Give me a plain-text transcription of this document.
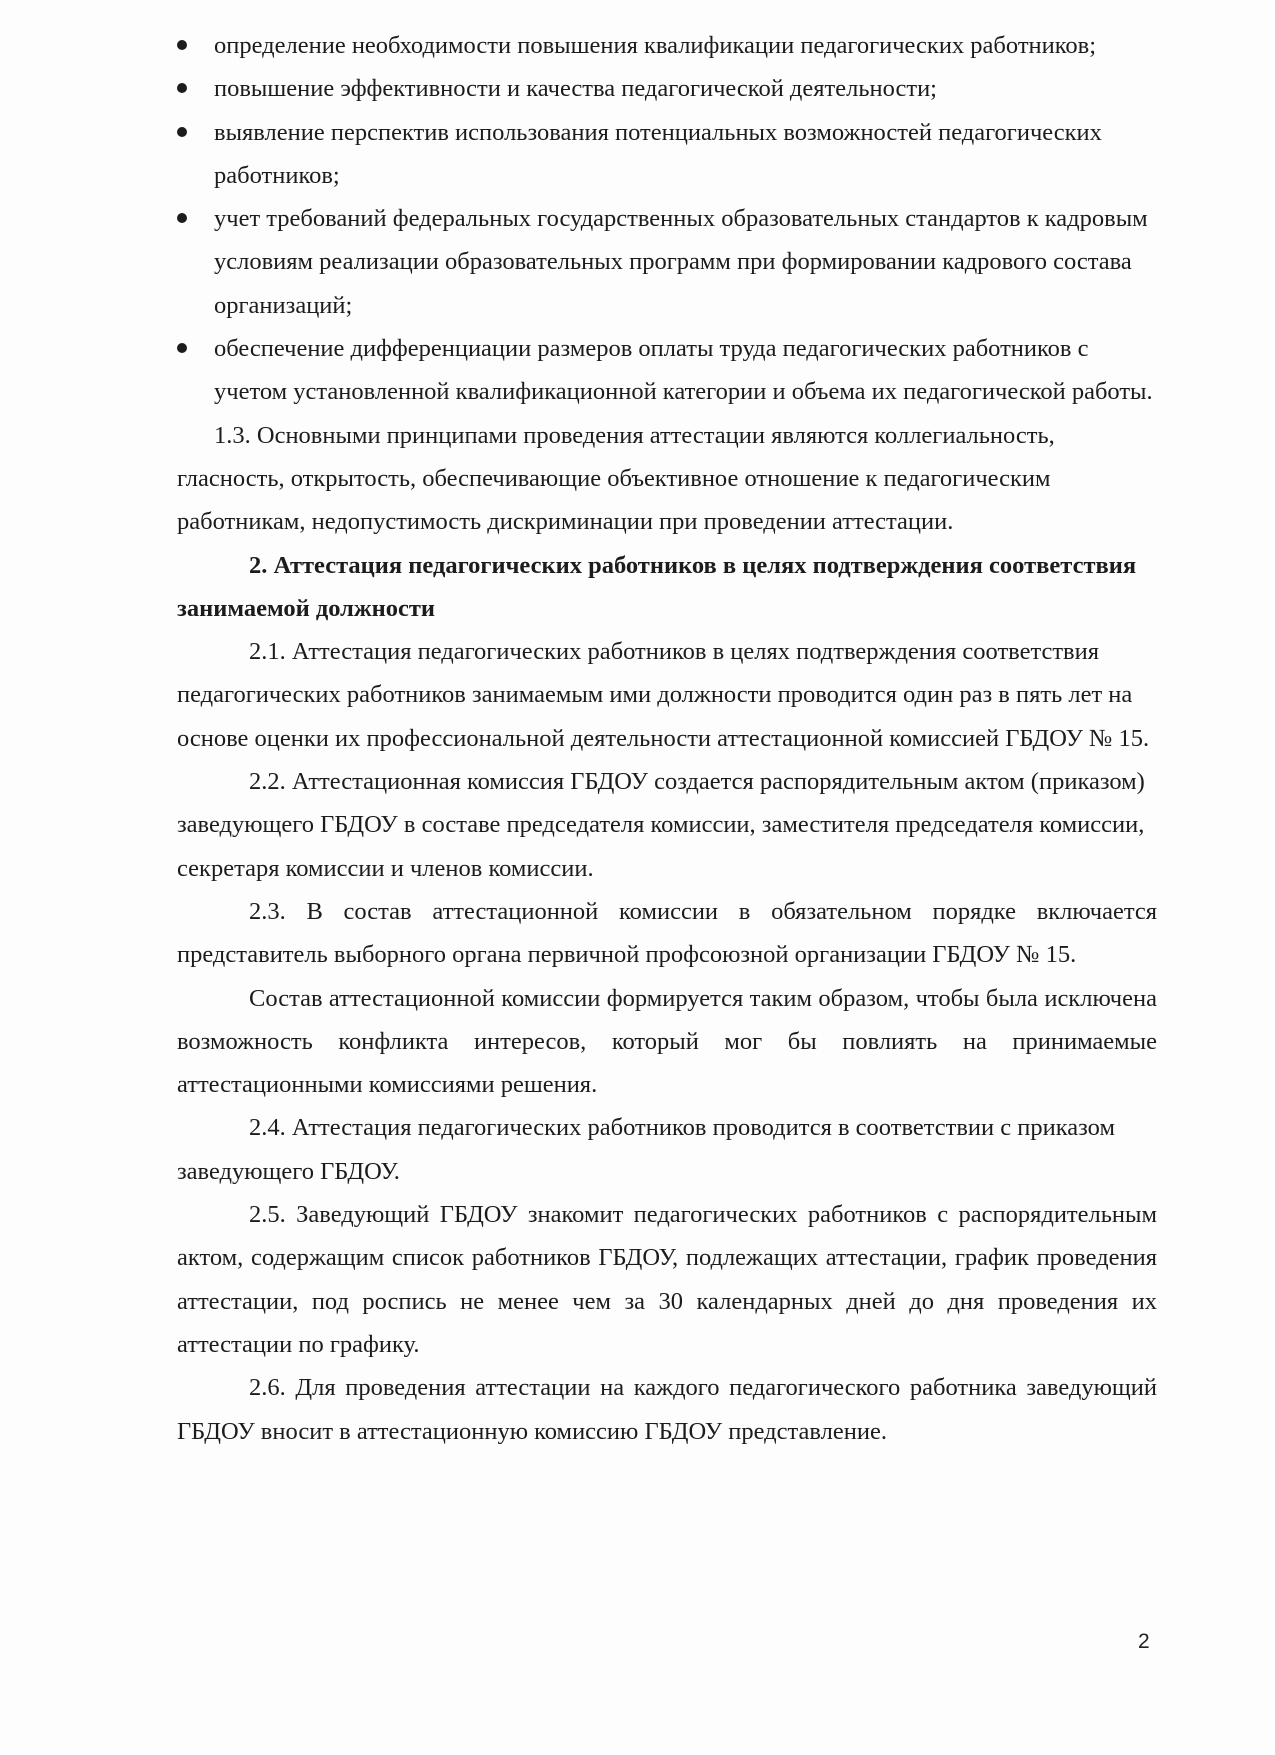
определение необходимости повышения квалификации педагогических работников;
повышение эффективности и качества педагогической деятельности;
выявление перспектив использования потенциальных возможностей педагогических работников;
учет требований федеральных государственных образовательных стандартов к кадровым условиям реализации образовательных программ при формировании кадрового состава организаций;
обеспечение дифференциации размеров оплаты труда педагогических работников с учетом установленной квалификационной категории и объема их педагогической работы.

1.3. Основными принципами проведения аттестации являются коллегиальность, гласность, открытость, обеспечивающие объективное отношение к педагогическим работникам, недопустимость дискриминации при проведении аттестации.

2. Аттестация педагогических работников в целях подтверждения соответствия занимаемой должности

2.1. Аттестация педагогических работников в целях подтверждения соответствия педагогических работников занимаемым ими должности проводится один раз в пять лет на основе оценки их профессиональной деятельности аттестационной комиссией ГБДОУ № 15.

2.2. Аттестационная комиссия ГБДОУ создается распорядительным актом (приказом) заведующего ГБДОУ в составе председателя комиссии, заместителя председателя комиссии, секретаря комиссии и членов комиссии.

2.3. В состав аттестационной комиссии в обязательном порядке включается представитель выборного органа первичной профсоюзной организации ГБДОУ № 15.

Состав аттестационной комиссии формируется таким образом, чтобы была исключена возможность конфликта интересов, который мог бы повлиять на принимаемые аттестационными комиссиями решения.

2.4. Аттестация педагогических работников проводится в соответствии с приказом заведующего ГБДОУ.

2.5. Заведующий ГБДОУ знакомит педагогических работников с распорядительным актом, содержащим список работников ГБДОУ, подлежащих аттестации, график проведения аттестации, под роспись не менее чем за 30 календарных дней до дня проведения их аттестации по графику.

2.6. Для проведения аттестации на каждого педагогического работника заведующий ГБДОУ вносит в аттестационную комиссию ГБДОУ представление.

2
